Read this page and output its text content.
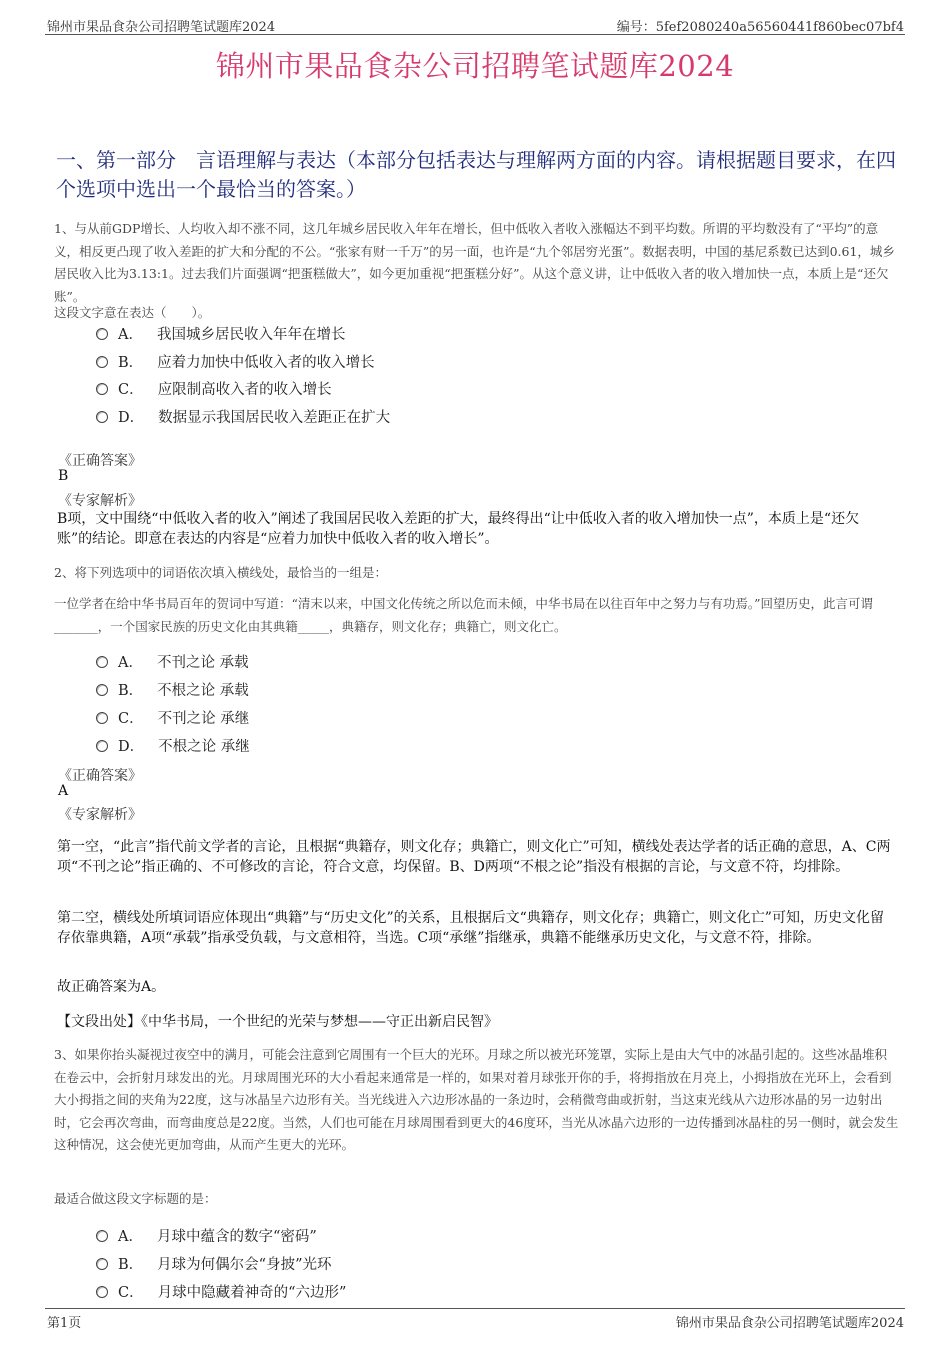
锦州市果品食杂公司招聘笔试题库2024	编号：5fef2080240a56560441f860bec07bf4
锦州市果品食杂公司招聘笔试题库2024
一、第一部分　言语理解与表达（本部分包括表达与理解两方面的内容。请根据题目要求，在四个选项中选出一个最恰当的答案。）
1、与从前GDP增长、人均收入却不涨不同，这几年城乡居民收入年年在增长，但中低收入者收入涨幅达不到平均数。所谓的平均数没有了“平均”的意义，相反更凸现了收入差距的扩大和分配的不公。“张家有财一千万”的另一面，也许是“九个邻居穷光蛋”。数据表明，中国的基尼系数已达到0.61，城乡居民收入比为3.13:1。过去我们片面强调“把蛋糕做大”，如今更加重视“把蛋糕分好”。从这个意义讲，让中低收入者的收入增加快一点，本质上是“还欠账”。
这段文字意在表达（　　）。
A． 我国城乡居民收入年年在增长
B． 应着力加快中低收入者的收入增长
C． 应限制高收入者的收入增长
D． 数据显示我国居民收入差距正在扩大
《正确答案》
B
《专家解析》
B项，文中围绕“中低收入者的收入”阐述了我国居民收入差距的扩大，最终得出“让中低收入者的收入增加快一点”，本质上是“还欠账”的结论。即意在表达的内容是“应着力加快中低收入者的收入增长”。
2、将下列选项中的词语依次填入横线处，最恰当的一组是：
一位学者在给中华书局百年的贺词中写道：“清末以来，中国文化传统之所以危而未倾，中华书局在以往百年中之努力与有功焉。”回望历史，此言可谓_______，一个国家民族的历史文化由其典籍_____，典籍存，则文化存；典籍亡，则文化亡。
A． 不刊之论 承载
B． 不根之论 承载
C． 不刊之论 承继
D． 不根之论 承继
《正确答案》
A
《专家解析》
第一空，“此言”指代前文学者的言论，且根据“典籍存，则文化存；典籍亡，则文化亡”可知，横线处表达学者的话正确的意思，A、C两项“不刊之论”指正确的、不可修改的言论，符合文意，均保留。B、D两项“不根之论”指没有根据的言论，与文意不符，均排除。
第二空，横线处所填词语应体现出“典籍”与“历史文化”的关系，且根据后文“典籍存，则文化存；典籍亡，则文化亡”可知，历史文化留存依靠典籍，A项“承载”指承受负载，与文意相符，当选。C项“承继”指继承，典籍不能继承历史文化，与文意不符，排除。
故正确答案为A。
【文段出处】《中华书局，一个世纪的光荣与梦想——守正出新启民智》
3、如果你抬头凝视过夜空中的满月，可能会注意到它周围有一个巨大的光环。月球之所以被光环笼罩，实际上是由大气中的冰晶引起的。这些冰晶堆积在卷云中，会折射月球发出的光。月球周围光环的大小看起来通常是一样的，如果对着月球张开你的手，将拇指放在月亮上，小拇指放在光环上，会看到大小拇指之间的夹角为22度，这与冰晶呈六边形有关。当光线进入六边形冰晶的一条边时，会稍微弯曲或折射，当这束光线从六边形冰晶的另一边射出时，它会再次弯曲，而弯曲度总是22度。当然，人们也可能在月球周围看到更大的46度环，当光从冰晶六边形的一边传播到冰晶柱的另一侧时，就会发生这种情况，这会使光更加弯曲，从而产生更大的光环。
最适合做这段文字标题的是：
A． 月球中蕴含的数字“密码”
B． 月球为何偶尔会“身披”光环
C． 月球中隐藏着神奇的“六边形”
第1页	锦州市果品食杂公司招聘笔试题库2024
